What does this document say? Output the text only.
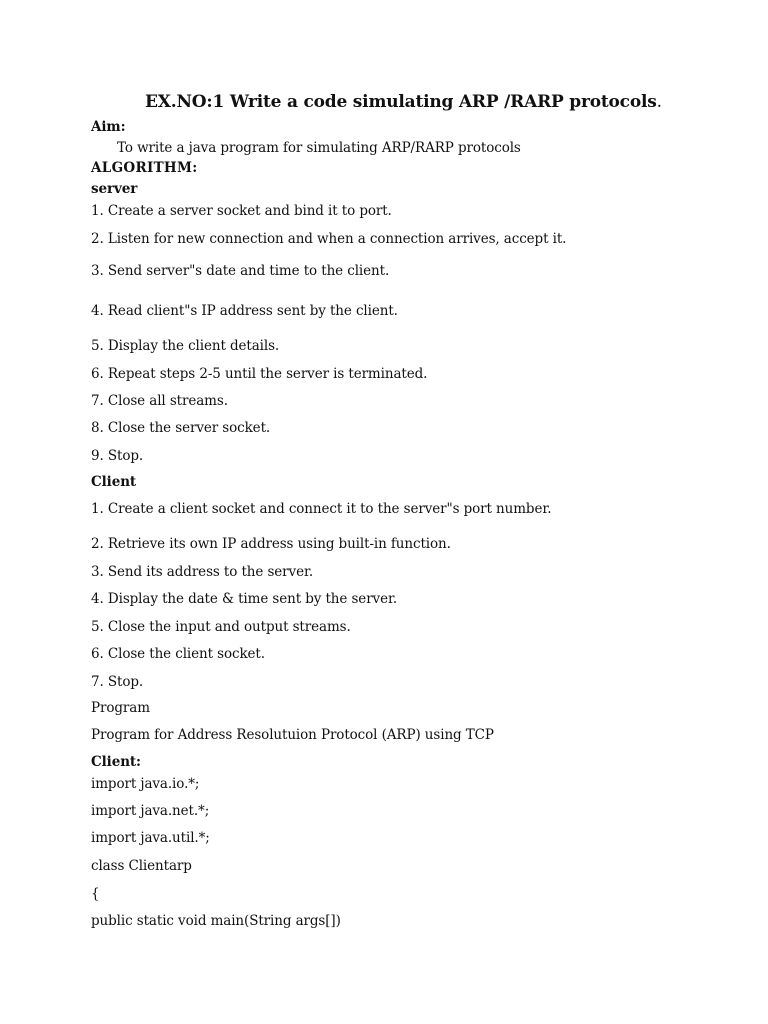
EX.NO:1 Write a code simulating ARP /RARP protocols.
Aim:
To write a java program for simulating ARP/RARP protocols
ALGORITHM:
server
1. Create a server socket and bind it to port.
2. Listen for new connection and when a connection arrives, accept it.
3. Send server"s date and time to the client.
4. Read client"s IP address sent by the client.
5. Display the client details.
6. Repeat steps 2-5 until the server is terminated.
7. Close all streams.
8. Close the server socket.
9. Stop.
Client
1. Create a client socket and connect it to the server"s port number.
2. Retrieve its own IP address using built-in function.
3. Send its address to the server.
4. Display the date & time sent by the server.
5. Close the input and output streams.
6. Close the client socket.
7. Stop.
Program
Program for Address Resolutuion Protocol (ARP) using TCP
Client:
import java.io.*;
import java.net.*;
import java.util.*;
class Clientarp
{
public static void main(String args[])
